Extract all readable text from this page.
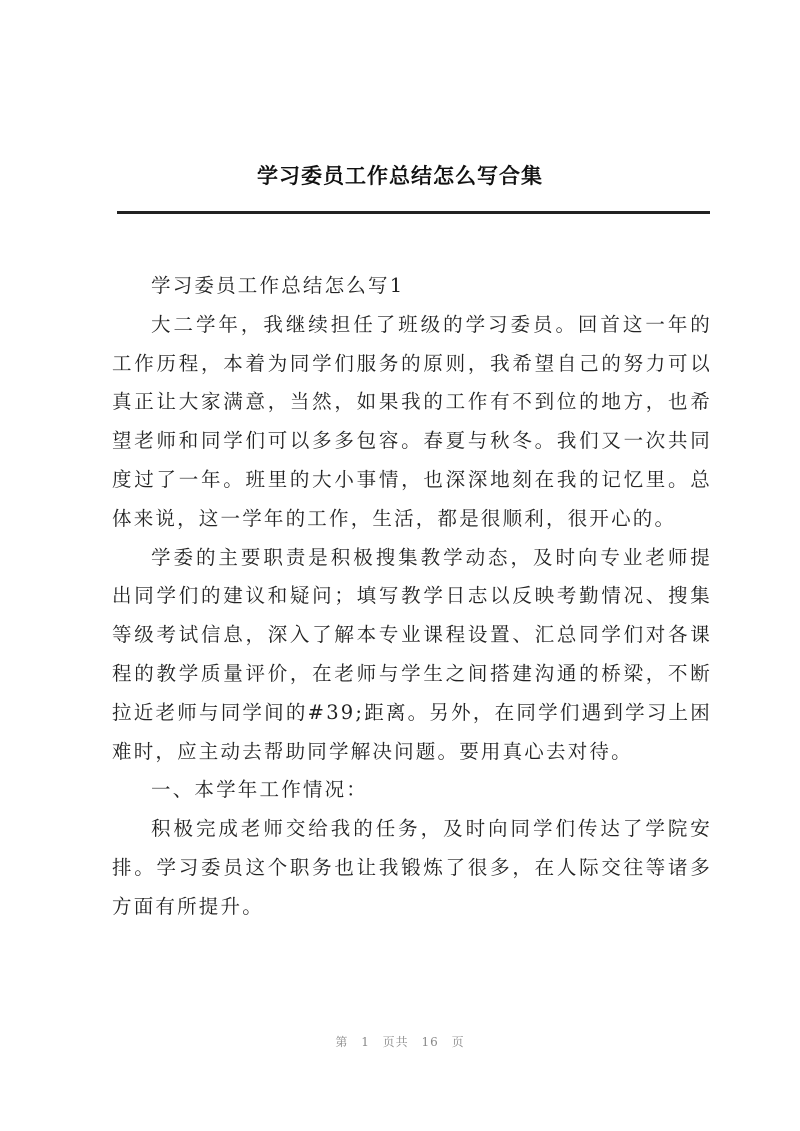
学习委员工作总结怎么写合集

学习委员工作总结怎么写1

大二学年，我继续担任了班级的学习委员。回首这一年的工作历程，本着为同学们服务的原则，我希望自己的努力可以真正让大家满意，当然，如果我的工作有不到位的地方，也希望老师和同学们可以多多包容。春夏与秋冬。我们又一次共同度过了一年。班里的大小事情，也深深地刻在我的记忆里。总体来说，这一学年的工作，生活，都是很顺利，很开心的。

学委的主要职责是积极搜集教学动态，及时向专业老师提出同学们的建议和疑问；填写教学日志以反映考勤情况、搜集等级考试信息，深入了解本专业课程设置、汇总同学们对各课程的教学质量评价，在老师与学生之间搭建沟通的桥梁，不断拉近老师与同学间的#39;距离。另外，在同学们遇到学习上困难时，应主动去帮助同学解决问题。要用真心去对待。

一、本学年工作情况：

积极完成老师交给我的任务，及时向同学们传达了学院安排。学习委员这个职务也让我锻炼了很多，在人际交往等诸多方面有所提升。

第 1 页共 16 页
